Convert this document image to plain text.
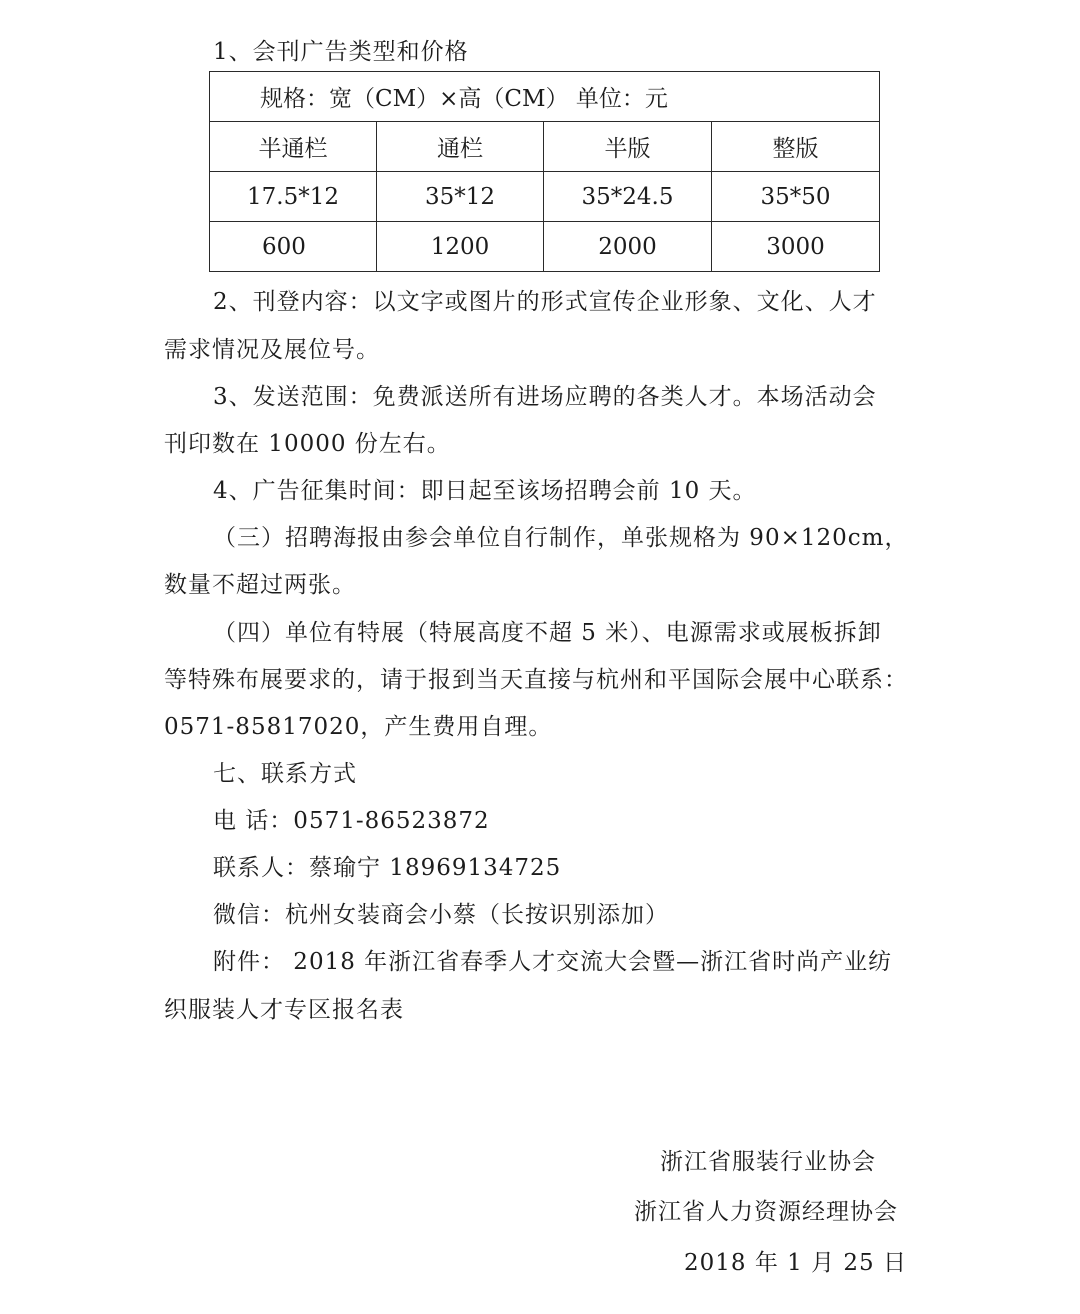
1、会刊广告类型和价格
规格：宽（CM）×高（CM） 单位：元			
半通栏	通栏	半版	整版
17.5*12	35*12	35*24.5	35*50
600	1200	2000	3000
2、刊登内容：以文字或图片的形式宣传企业形象、文化、人才
需求情况及展位号。
3、发送范围：免费派送所有进场应聘的各类人才。本场活动会
刊印数在 10000 份左右。
4、广告征集时间：即日起至该场招聘会前 10 天。
（三）招聘海报由参会单位自行制作，单张规格为 90×120cm，
数量不超过两张。
（四）单位有特展（特展高度不超 5 米）、电源需求或展板拆卸
等特殊布展要求的，请于报到当天直接与杭州和平国际会展中心联系：
0571-85817020，产生费用自理。
七、联系方式
电 话：0571-86523872
联系人：蔡瑜宁 18969134725
微信：杭州女装商会小蔡（长按识别添加）
附件： 2018 年浙江省春季人才交流大会暨—浙江省时尚产业纺
织服装人才专区报名表
浙江省服装行业协会
浙江省人力资源经理协会
2018 年 1 月 25 日
